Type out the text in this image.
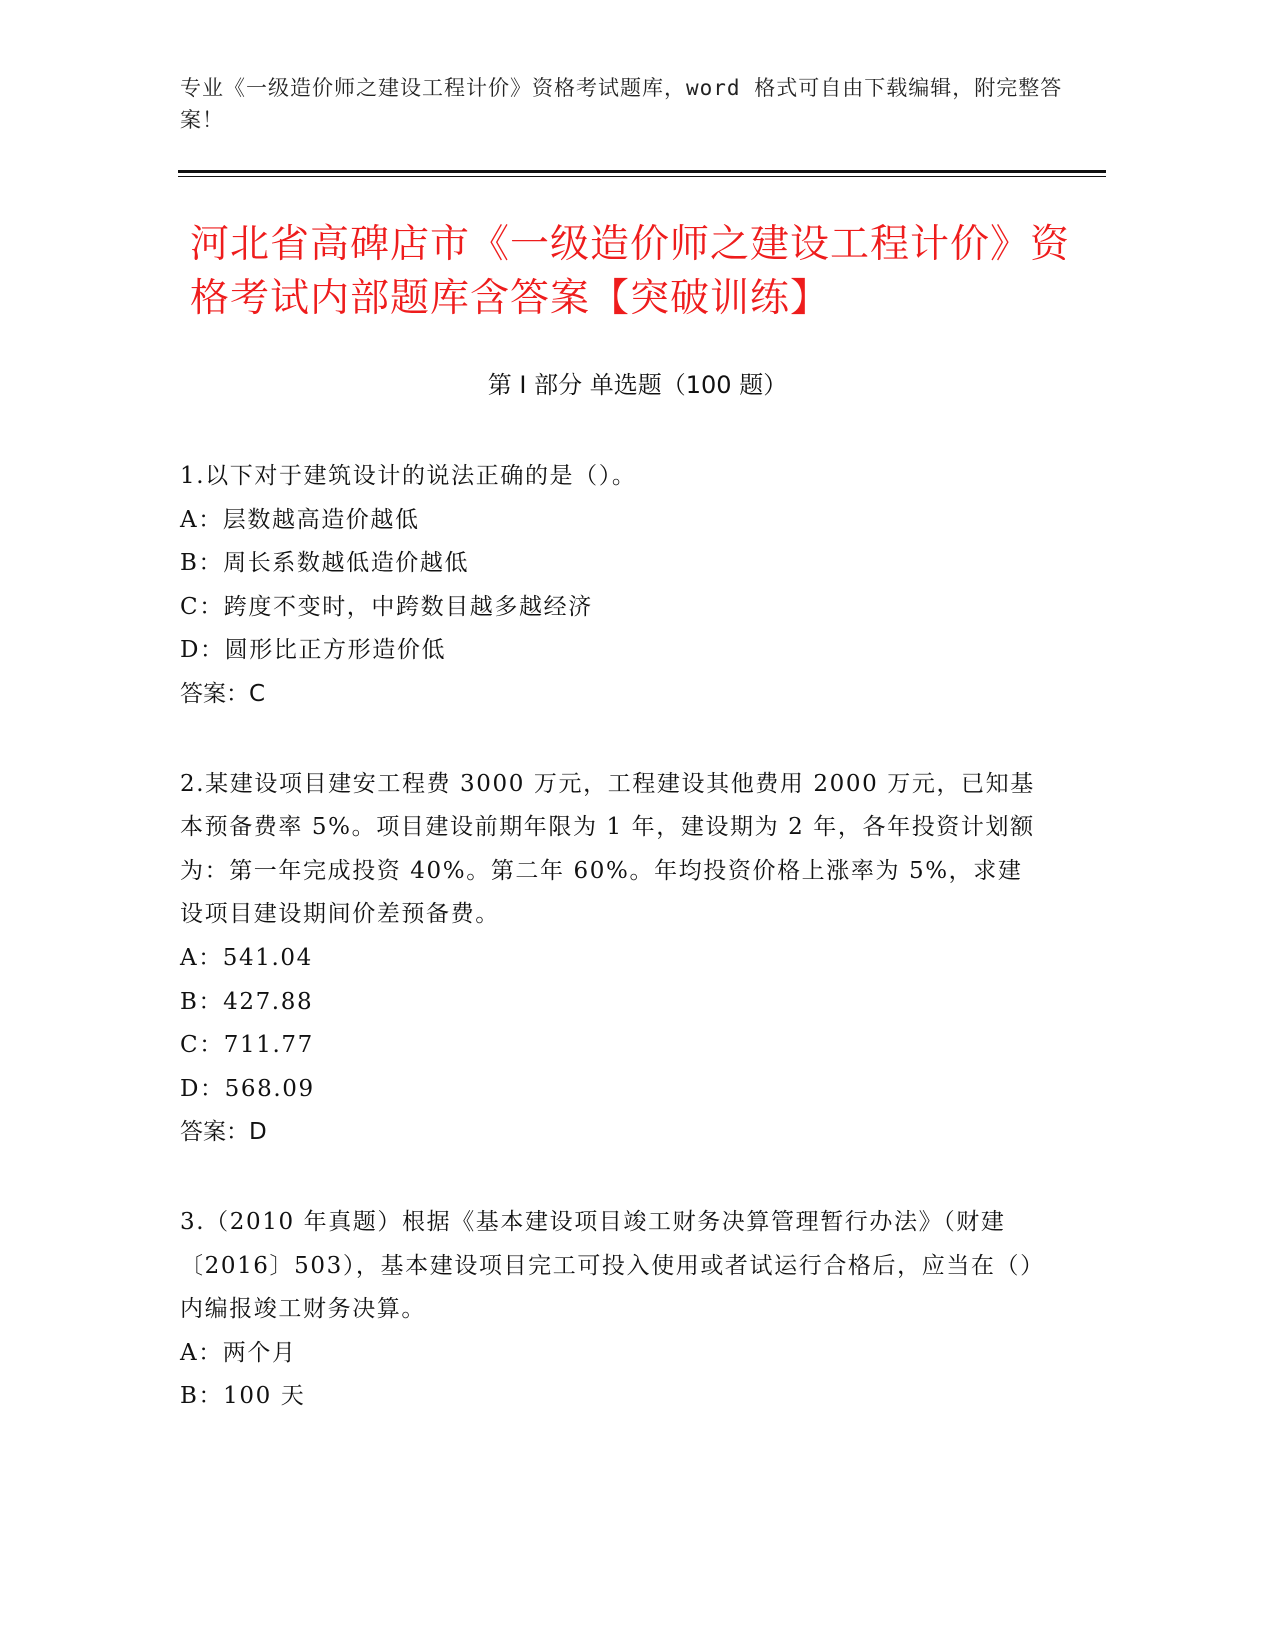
专业《一级造价师之建设工程计价》资格考试题库，word 格式可自由下载编辑，附完整答案！
河北省高碑店市《一级造价师之建设工程计价》资格考试内部题库含答案【突破训练】
第 I 部分 单选题（100 题）

1.以下对于建筑设计的说法正确的是（）。

A：层数越高造价越低

B：周长系数越低造价越低

C：跨度不变时，中跨数目越多越经济

D：圆形比正方形造价低

答案：C

2.某建设项目建安工程费 3000 万元，工程建设其他费用 2000 万元，已知基本预备费率 5%。项目建设前期年限为 1 年，建设期为 2 年，各年投资计划额为：第一年完成投资 40%。第二年 60%。年均投资价格上涨率为 5%，求建设项目建设期间价差预备费。

A：541.04

B：427.88

C：711.77

D：568.09

答案：D

3.（2010 年真题）根据《基本建设项目竣工财务决算管理暂行办法》（财建〔2016〕503），基本建设项目完工可投入使用或者试运行合格后，应当在（）内编报竣工财务决算。

A：两个月

B：100 天
